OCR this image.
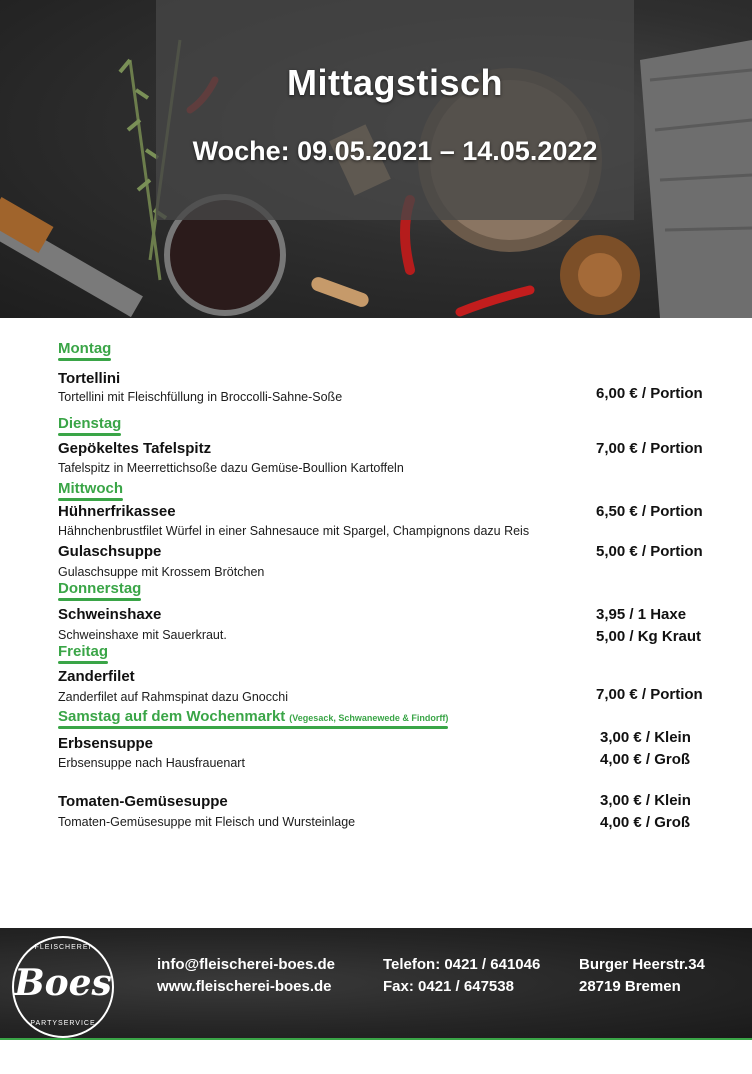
Mittagstisch
Woche: 09.05.2021 – 14.05.2022
Montag
Tortellini
Tortellini mit Fleischfüllung in Broccolli-Sahne-Soße	6,00 € / Portion
Dienstag
Gepökeltes Tafelspitz
Tafelspitz in Meerrettichsoße dazu Gemüse-Boullion Kartoffeln
7,00 € / Portion
Mittwoch
Hühnerfrikassee
Hähnchenbrustfilet Würfel in einer Sahnesauce mit Spargel, Champignons dazu Reis
6,50 € / Portion
Gulaschsuppe
Gulaschsuppe mit Krossem Brötchen
5,00 € / Portion
Donnerstag
Schweinshaxe
Schweinshaxe mit Sauerkraut.
3,95 / 1 Haxe
5,00 / Kg Kraut
Freitag
Zanderfilet
Zanderfilet auf Rahmspinat dazu Gnocchi	7,00 € / Portion
Samstag auf dem Wochenmarkt (Vegesack, Schwanewede & Findorff)
Erbsensuppe
Erbsensuppe nach Hausfrauenart
3,00 € / Klein
4,00 € / Groß
Tomaten-Gemüsesuppe
Tomaten-Gemüsesuppe mit Fleisch und Wursteinlage
3,00 € / Klein
4,00 € / Groß
FLEISCHEREI
Boes
PARTYSERVICE
info@fleischerei-boes.de
www.fleischerei-boes.de
Telefon: 0421 / 641046
Fax: 0421 / 647538
Burger Heerstr.34
28719 Bremen
